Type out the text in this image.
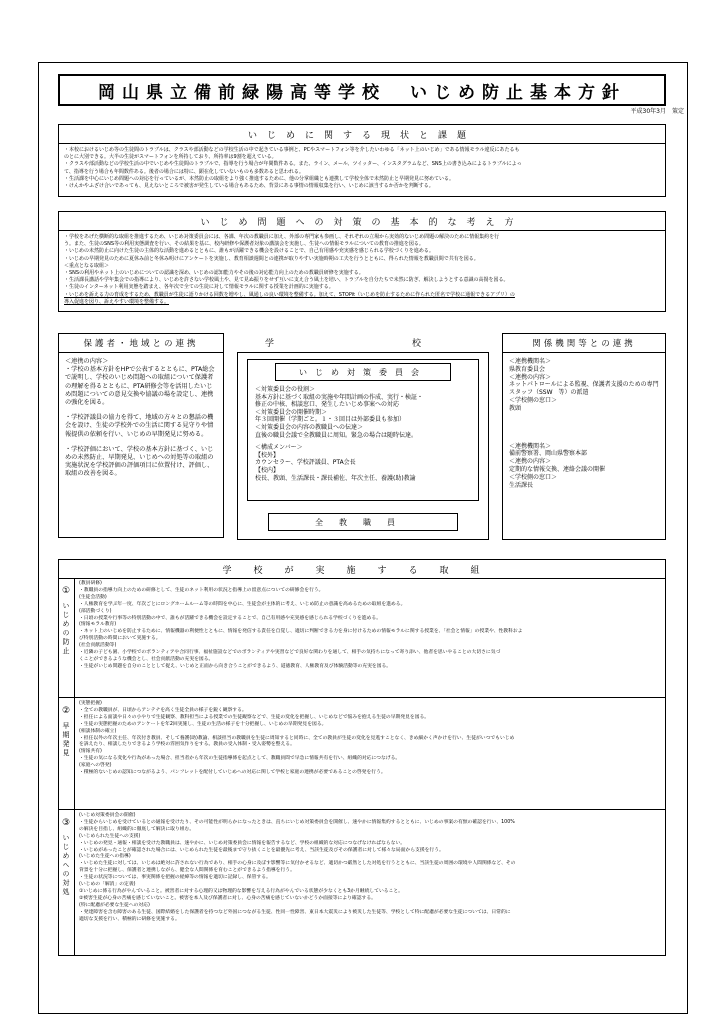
岡山県立備前緑陽高等学校　いじめ防止基本方針
平成30年3月　策定
いじめに関する現状と課題

・本校におけるいじめ等の生徒間のトラブルは、クラスや部活動などの学校生活の中で起きている事例と、PCやスマートフォン等を介したいわゆる「ネット上のいじめ」である情報モラル違反にあたるも

のとに大別できる。大半の生徒がスマートフォンを所持しており、所持率は9割を超えている。

・クラスや部活動などの学校生活の中でいじめや生徒間のトラブルで、指導を行う場合が年間数件ある。また、ライン、メール、ツイッター、インスタグラムなど、SNS上の書き込みによるトラブルによっ

て、指導を行う場合も年間数件ある。後者の場合には特に、顕在化していないものも多数あると思われる。

・生活課を中心にいじめ問題への対応を行っているが、本然防止の取組をより強く推進するために、他の分掌組織とも連携して学校全体で未然防止と早期発見に努めている。

・けんかやふざけ合いであっても、見えないところで被害が発生している場合もあるため、背景にある事情の情報収集を行い、いじめに該当するか否かを判断する。

いじめ問題への対策の基本的な考え方

・学校をあげた横断的な取組を推進するため、いじめ対策委員会には、各課、年次の教職員に加え、外部の専門家も参画し、それぞれの立場から実効的ないじめ問題の解決のために情報集約を行

う。また、生徒のSNS等の利用実態調査を行い、その結果を基に、校内研修や保護者対象の講演会を実施し、生徒への情報モラルについての教育の推進を図る。

・いじめの未然防止に向けた生徒の主体的な活動を進めるとともに、誰もが活躍できる機会を設けることで、自己有用感や充実感を感じられる学校づくりを進める。

・いじめの早期発見のために夏休み前と冬休み明けにアンケートを実施し、教育相談週間との連携が取りやすい実施時期の工夫を行うとともに、得られた情報を教職員間で共有を図る。

＜重点となる取組＞

・SNSの利用やネット上のいじめについての認識を深め、いじめの認知能力やその後の対応能力向上のための教職員研修を実施する。

・生活課長講話や学年集会での指導により、いじめを許さない学校風土や、見て見ぬ振りをせず互いに支え合う風土を培い、トラブルを自分たちで未然に防ぎ、解決しようとする意識の高揚を図る。

・生徒のインターネット利用実態を踏まえ、各年次で全ての生徒に対して情報モラルに関する授業を計画的に実施する。

・いじめを訴える力の育成をするため、教職員が生徒に語りかける回数を増やし、風通しの良い環境を整備する。加えて、STOPit（いじめを防止するために作られた匿名で学校に通報できるアプリ）の

導入促進を図り、訴えやすい環境を整備する。

保護者・地域との連携

＜連携の内容＞
・学校の基本方針をHPで公表するとともに、PTA総会で説明し、学校のいじめ問題への取組について保護者の理解を得るとともに、PTA研修会等を活用したいじめ問題についての意見交換や協議の場を設定し、連携の強化を図る。

・学校評議員の協力を得て、地域の方々との懇話の機会を設け、生徒の学校外での生活に関する見守りや情報提供の依頼を行い、いじめの早期発見に努める。

・学校評価において、学校の基本方針に基づく、いじめの未然防止、早期発見、いじめへの対処等の取組の実施状況を学校評価の評価項目に位置付け、評価し、取組の改善を図る。

学　　校
いじめ対策委員会

＜対策委員会の役割＞

基本方針に基づく取組の実施や年間計画の作成、実行・検証・

修正の中核、相談窓口、発生したいじめ事案への対応

＜対策委員会の開催時期＞

年３回開催（学期ごと。１・３回目は外部委員も参加）

＜対策委員会の内容の教職員への伝達＞

直後の職員会議で全教職員に周知。緊急の場合は随時伝達。

＜構成メンバー＞

【校外】

カウンセラー、学校評議員、PTA会長

【校内】

校長、教頭、生活課長・課長補佐、年次主任、養護(助)教諭

全教職員
関係機関等との連携

＜連携機関名＞

県教育委員会

＜連携の内容＞

ネットパトロールによる監視、保護者支援のための専門スタッフ（SSW　等）の派遣

＜学校側の窓口＞

教頭

＜連携機関名＞

備前警察署、岡山県警察本部

＜連携の内容＞

定期的な情報交換、連絡会議の開催

＜学校側の窓口＞

生活課長

学校が実施する取組
①
いじめの防止

(教員研修)

・教職員の指導力向上のための研修として、生徒のネット利用の状況と指導上の留意点についての研修会を行う。

(生徒会活動)

・人権教育を学ぶ年一度、年次ごとにロングホームルーム等の時間を中心に、生徒会が主体的に考え、いじめ防止の意識を高めるための取組を進める。

(部活動づくり)

・日頃の授業や行事等の特別活動の中で、誰もが活躍できる機会を設定することで、自己有用感や充実感を感じられる学校づくりを進める。

(情報モラル教育)

・ネット上のいじめを防止するために、情報機器の利便性とともに、情報を発信する責任を自覚し、適切に判断できる力を身に付けるための情報モラルに関する授業を、「社会と情報」の授業や、性教科およ

び特別活動の時間において実施する。

(社会貢献活動等)

・近隣の子ども園、小学校でのボランティアや合同行事、福祉施設などでのボランティアや実習などで良好な関わりを通して、相手の気持ちになって寄り添い、他者を思いやることの大切さに気づ

くことができるような機会とし、社会貢献活動の充実を図る。

・生徒がいじめ問題を自分のこととして捉え、いじめと正面から向き合うことができるよう、道徳教育、人権教育及び体験活動等の充実を図る。

②
早期発見

(実態把握)

・全ての教職員が、日頃からアンテナを高く生徒全員の様子を鋭く観察する。

・担任による面談や日々の小やりで生徒観察、教科担当による授業での生徒観察などで、生徒の変化を把握し、いじめなどで悩みを抱える生徒の早期発見を図る。

・生徒の実態把握のためのアンケートを年2回実施し、生徒の生活の様子を十分把握し、いじめの早期発見を図る。

(相談体制の確立)

・担任以外の年次主任、年次付き教員、そして養護(助)教諭、相談担当の教職員を生徒に周知すると同時に、全ての教員が生徒の変化を見逃すことなく、きめ細かく声かけを行い、生徒がいつでもいじめ

を訴えたり、相談したりできるよう学校の雰囲気作りをする。教員の受入体制・受入姿勢を整える。

(情報共有)

・生徒の気になる変化や行為があった場合、担当者から年次の生徒指導係を起点として、教職員間で早急に情報共有を行い、組織的対応につなげる。

(家庭への啓発)

・積極的ないじめの認知につながるよう、パンフレットを配付していじめへの対応に関して学校と家庭の連携が必要であることの啓発を行う。

③
いじめへの対処

(いじめ対策委員会の開催)

・生徒からいじめを受けているとの通報を受けたり、その可能性が明らかになったときは、直ちにいじめ対策委員会を開催し、速やかに情報集約するとともに、いじめの事案の有無の確認を行い、100%

の解決を目指し、組織的に徹底して解決に取り組む。

(いじめられた生徒への支援)

・いじめの発見・通報・相談を受けた教職員は、速やかに、いじめ対策委員会に情報を報告するなど、学校の組織的な対応につなげなければならない。

・いじめがあったことが確認された場合には、いじめられた生徒を最後まで守り抜くことを最優先に考え、当該生徒及びその保護者に対して様々な局面から支援を行う。

(いじめた生徒への指導)

・いじめた生徒に対しては、いじめは絶対に許されない行為であり、相手の心身に及ぼす影響等に気付かせるなど、適切かつ厳然とした対処を行うとともに、当該生徒の周囲の環境や人間関係など、その

背景を十分に把握し、保護者と連携しながら、健全な人間関係を育むことができるよう指導を行う。

・生徒の状況等については、事実関係を把握の経緯等の情報を適切に記録し、保管する。

(いじめの「解消」の定義)

①いじめに係る行為がやんでいること。被害者に対する心理的又は物理的な影響を与える行為がやんでいる状態が少なくとも3か月継続していること。

②被害生徒が心身の苦痛を感じていないこと。被害を本人及び保護者に対し、心身の苦痛を感じていないかどうか面接等により確認する。

(特に配慮が必要な生徒への対応)

・発達障害を含む障害のある生徒、国際結婚をした保護者を持つなど外国につながる生徒、性同一性障害、東日本大震災により被災した生徒等、学校として特に配慮が必要な生徒については、日常的に

適切な支援を行い、積極的に研修を実施する。
